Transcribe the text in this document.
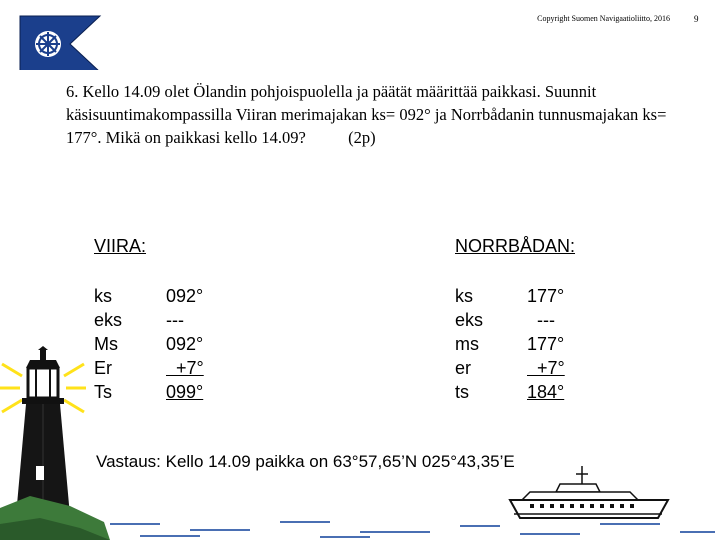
Copyright Suomen Navigaatioliitto, 2016	9
6. Kello 14.09 olet Ölandin pohjoispuolella ja päätät määrittää paikkasi. Suunnit käsisuuntimakompassilla Viiran merimajakan ks= 092° ja Norrbådanin tunnusmajakan ks= 177°. Mikä on paikkasi kello 14.09?	(2p)
VIIRA:
ks
eks
Ms
Er
Ts
092°
---
092°
+7°
099°
NORRBÅDAN:
ks
eks
ms
er
ts
177°
---
177°
+7°
184°
Vastaus: Kello 14.09 paikka on 63°57,65’N 025°43,35’E
